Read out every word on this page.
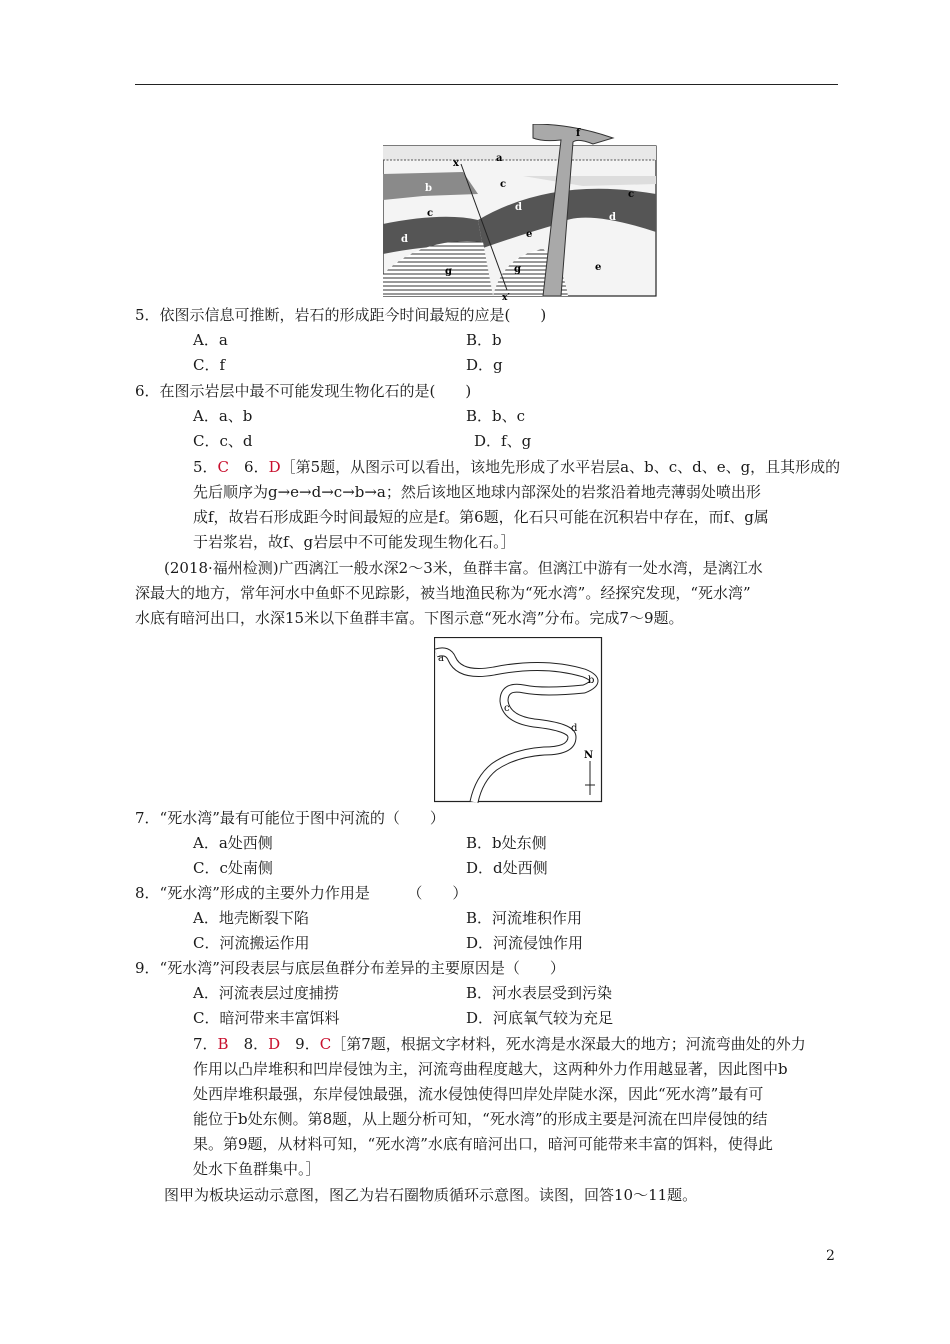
f
x	a
b	c
c
c
d
d
d
e
e
g	g
x′
5．依图示信息可推断，岩石的形成距今时间最短的应是(　　)
A．a	B．b
C．f	D．g
6．在图示岩层中最不可能发现生物化石的是(　　)
A．a、b	B．b、c
C．c、d	D．f、g
5．C　6．D［第5题，从图示可以看出，该地先形成了水平岩层a、b、c、d、e、g，且其形成的
先后顺序为g→e→d→c→b→a；然后该地区地球内部深处的岩浆沿着地壳薄弱处喷出形
成f，故岩石形成距今时间最短的应是f。第6题，化石只可能在沉积岩中存在，而f、g属
于岩浆岩，故f、g岩层中不可能发现生物化石。］
(2018·福州检测)广西漓江一般水深2～3米，鱼群丰富。但漓江中游有一处水湾，是漓江水
深最大的地方，常年河水中鱼虾不见踪影，被当地渔民称为“死水湾”。经探究发现，“死水湾”
水底有暗河出口，水深15米以下鱼群丰富。下图示意“死水湾”分布。完成7～9题。
a
b
c
d
N
7．“死水湾”最有可能位于图中河流的（　　）
A．a处西侧	B．b处东侧
C．c处南侧	D．d处西侧
8．“死水湾”形成的主要外力作用是　　　（　　）
A．地壳断裂下陷	B．河流堆积作用
C．河流搬运作用	D．河流侵蚀作用
9．“死水湾”河段表层与底层鱼群分布差异的主要原因是（　　）
A．河流表层过度捕捞	B．河水表层受到污染
C．暗河带来丰富饵料	D．河底氧气较为充足
7．B　8．D　9．C［第7题，根据文字材料，死水湾是水深最大的地方；河流弯曲处的外力
作用以凸岸堆积和凹岸侵蚀为主，河流弯曲程度越大，这两种外力作用越显著，因此图中b
处西岸堆积最强，东岸侵蚀最强，流水侵蚀使得凹岸处岸陡水深，因此“死水湾”最有可
能位于b处东侧。第8题，从上题分析可知，“死水湾”的形成主要是河流在凹岸侵蚀的结
果。第9题，从材料可知，“死水湾”水底有暗河出口，暗河可能带来丰富的饵料，使得此
处水下鱼群集中。］
图甲为板块运动示意图，图乙为岩石圈物质循环示意图。读图，回答10～11题。
2
